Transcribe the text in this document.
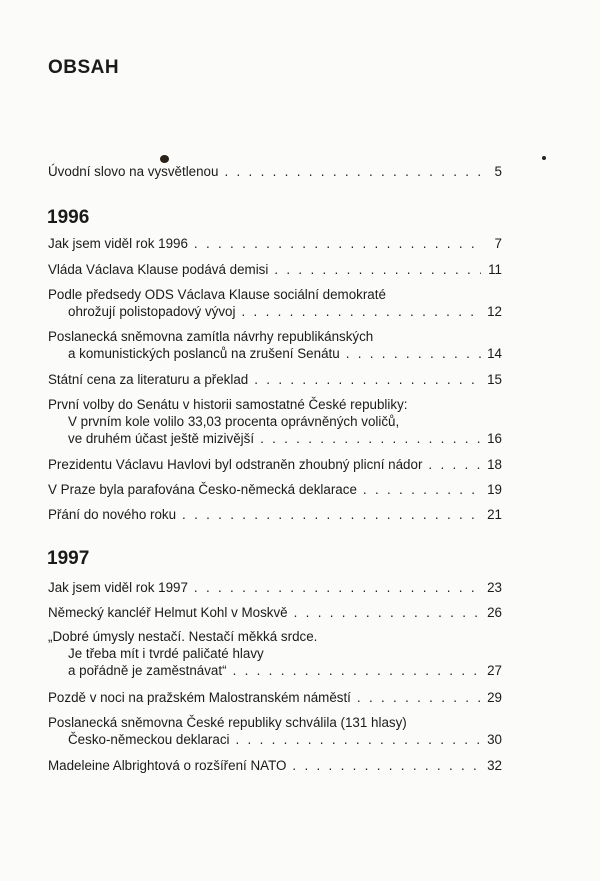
OBSAH
Úvodní slovo na vysvětlenou . . .	5
1996
Jak jsem viděl rok 1996 . . .	7
Vláda Václava Klause podává demisi . . .	11
Podle předsedy ODS Václava Klause sociální demokraté
ohrožují polistopadový vývoj . . .	12
Poslanecká sněmovna zamítla návrhy republikánských
a komunistických poslanců na zrušení Senátu . . .	14
Státní cena za literaturu a překlad . . .	15
První volby do Senátu v historii samostatné České republiky:
V prvním kole volilo 33,03 procenta oprávněných voličů,
ve druhém účast ještě mizivější . . .	16
Prezidentu Václavu Havlovi byl odstraněn zhoubný plicní nádor . . .	18
V Praze byla parafována Česko-německá deklarace . . .	19
Přání do nového roku . . .	21
1997
Jak jsem viděl rok 1997 . . .	23
Německý kancléř Helmut Kohl v Moskvě . . .	26
„Dobré úmysly nestačí. Nestačí měkká srdce.
Je třeba mít i tvrdé paličaté hlavy
a pořádně je zaměstnávat“ . . .	27
Pozdě v noci na pražském Malostranském náměstí . . .	29
Poslanecká sněmovna České republiky schválila (131 hlasy)
Česko-německou deklaraci . . .	30
Madeleine Albrightová o rozšíření NATO . . .	32
